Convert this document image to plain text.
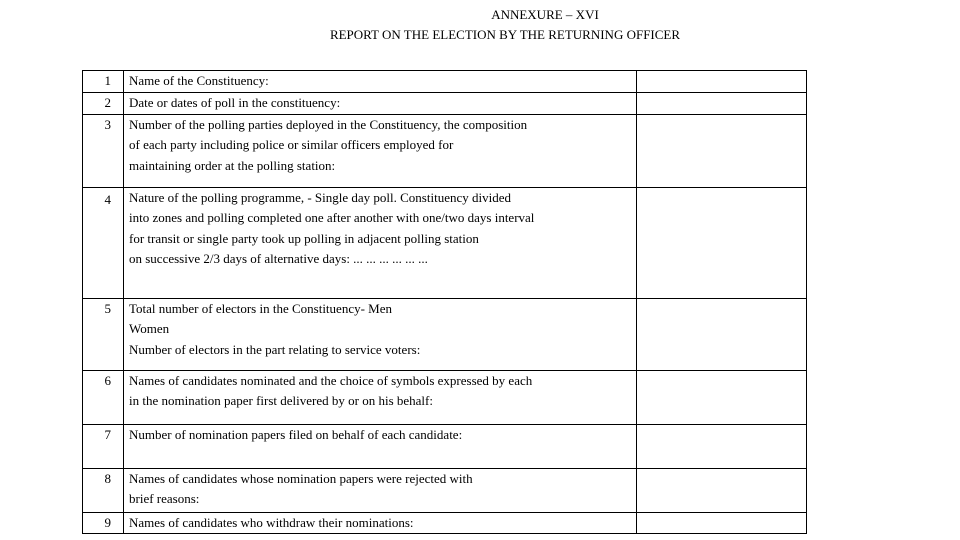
ANNEXURE – XVI
REPORT ON THE ELECTION BY THE RETURNING OFFICER
1	Name of the Constituency:	

2	Date or dates of poll in the constituency:	

3	Number of the polling parties deployed in the Constituency, the composition
of each party including police or similar officers employed for
maintaining order at the polling station:	

4	Nature of the polling programme, - Single day poll. Constituency divided
into zones and polling completed one after another with one/two days interval
for transit or single party took up polling in adjacent polling station
on successive 2/3 days of alternative days: ... ... ... ... ... ...	

5	Total number of electors in the Constituency- Men
Women
Number of electors in the part relating to service voters:	

6	Names of candidates nominated and the choice of symbols expressed by each
in the nomination paper first delivered by or on his behalf:	

7	Number of nomination papers filed on behalf of each candidate:	

8	Names of candidates whose nomination papers were rejected with
brief reasons:	

9	Names of candidates who withdraw their nominations:	
